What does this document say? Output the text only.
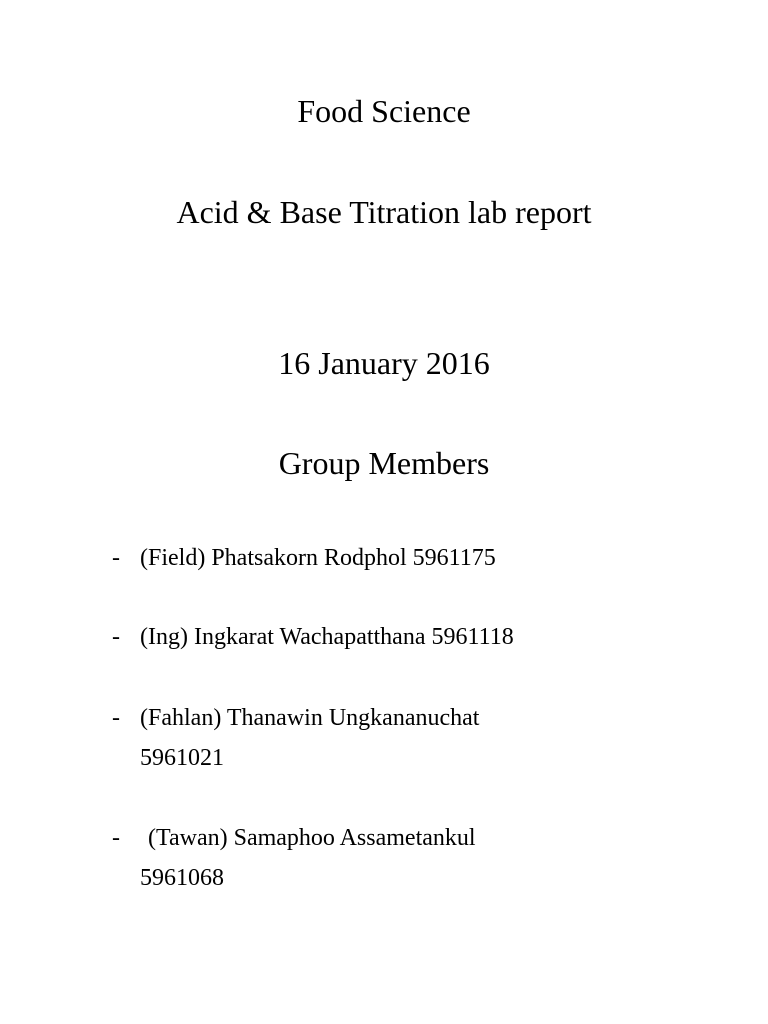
Food Science
Acid & Base Titration lab report
16 January 2016
Group Members
- (Field) Phatsakorn Rodphol 5961175
- (Ing) Ingkarat Wachapatthana 5961118
- (Fahlan) Thanawin Ungkananuchat
5961021
- (Tawan) Samaphoo Assametankul
5961068
